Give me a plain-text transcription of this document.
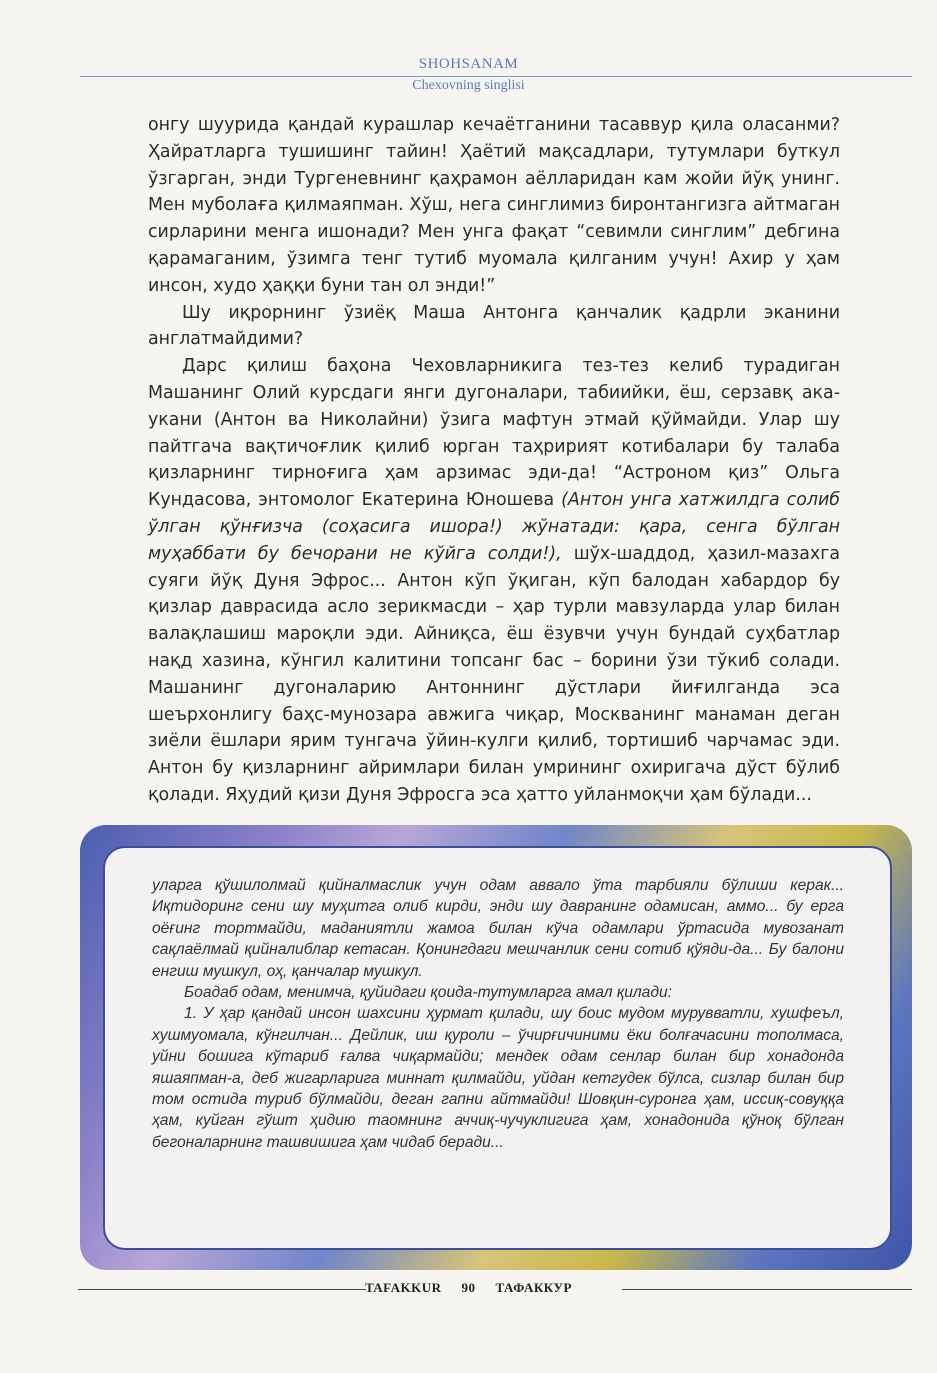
SHOHSANAM
Chexovning singlisi

онгу шуурида қандай курашлар кечаётганини тасаввур қила оласанми? Ҳайратларга тушишинг тайин! Ҳаётий мақсадлари, тутумлари буткул ўзгарган, энди Тургеневнинг қаҳрамон аёлларидан кам жойи йўқ унинг. Мен муболаға қилмаяпман. Хўш, нега синглимиз биронтангизга айтмаган сирларини менга ишонади? Мен унга фақат “севимли синглим” дебгина қарамаганим, ўзимга тенг тутиб муомала қилганим учун! Ахир у ҳам инсон, худо ҳаққи буни тан ол энди!”

Шу иқрорнинг ўзиёқ Маша Антонга қанчалик қадрли эканини англатмайдими?

Дарс қилиш баҳона Чеховларникига тез-тез келиб турадиган Машанинг Олий курсдаги янги дугоналари, табиийки, ёш, серзавқ ака-укани (Антон ва Николайни) ўзига мафтун этмай қўймайди. Улар шу пайтгача вақтичоғлик қилиб юрган таҳририят котибалари бу талаба қизларнинг тирноғига ҳам арзимас эди-да! “Астроном қиз” Ольга Кундасова, энтомолог Екатерина Юношева (Антон унга хатжилдга солиб ўлган қўнғизча (соҳасига ишора!) жўнатади: қара, сенга бўлган муҳаббати бу бечорани не кўйга солди!), шўх-шаддод, ҳазил-мазахга суяги йўқ Дуня Эфрос... Антон кўп ўқиган, кўп балодан хабардор бу қизлар даврасида асло зерикмасди – ҳар турли мавзуларда улар билан валақлашиш мароқли эди. Айниқса, ёш ёзувчи учун бундай суҳбатлар нақд хазина, кўнгил калитини топсанг бас – борини ўзи тўкиб солади. Машанинг дугоналарию Антоннинг дўстлари йиғилганда эса шеърхонлигу баҳс-мунозара авжига чиқар, Москванинг манаман деган зиёли ёшлари ярим тунгача ўйин-кулги қилиб, тортишиб чарчамас эди. Антон бу қизларнинг айримлари билан умрининг охиригача дўст бўлиб қолади. Яҳудий қизи Дуня Эфросга эса ҳатто уйланмоқчи ҳам бўлади...

уларга қўшилолмай қийналмаслик учун одам аввало ўта тарбияли бўлиши керак... Иқтидоринг сени шу муҳитга олиб кирди, энди шу давранинг одамисан, аммо... бу ерга оёғинг тортмайди, маданиятли жамоа билан кўча одамлари ўртасида мувозанат сақлаёлмай қийналиблар кетасан. Қонингдаги мешчанлик сени сотиб қўяди-да... Бу балони енгиш мушкул, оҳ, қанчалар мушкул.

Боадаб одам, менимча, қуйидаги қоида-тутумларга амал қилади:

1. У ҳар қандай инсон шахсини ҳурмат қилади, шу боис мудом мурувватли, хушфеъл, хушмуомала, кўнгилчан... Дейлик, иш қуроли – ўчирғичиними ёки болғачасини тополмаса, уйни бошига кўтариб ғалва чиқармайди; мендек одам сенлар билан бир хонадонда яшаяпман-а, деб жигарларига миннат қилмайди, уйдан кетгудек бўлса, сизлар билан бир том остида туриб бўлмайди, деган гапни айтмайди! Шовқин-суронга ҳам, иссиқ-совуққа ҳам, куйган гўшт ҳидию таомнинг аччиқ-чучуклигига ҳам, хонадонида қўноқ бўлган бегоналарнинг ташвишига ҳам чидаб беради...

TAFAKKUR 90 ТАФАККУР
